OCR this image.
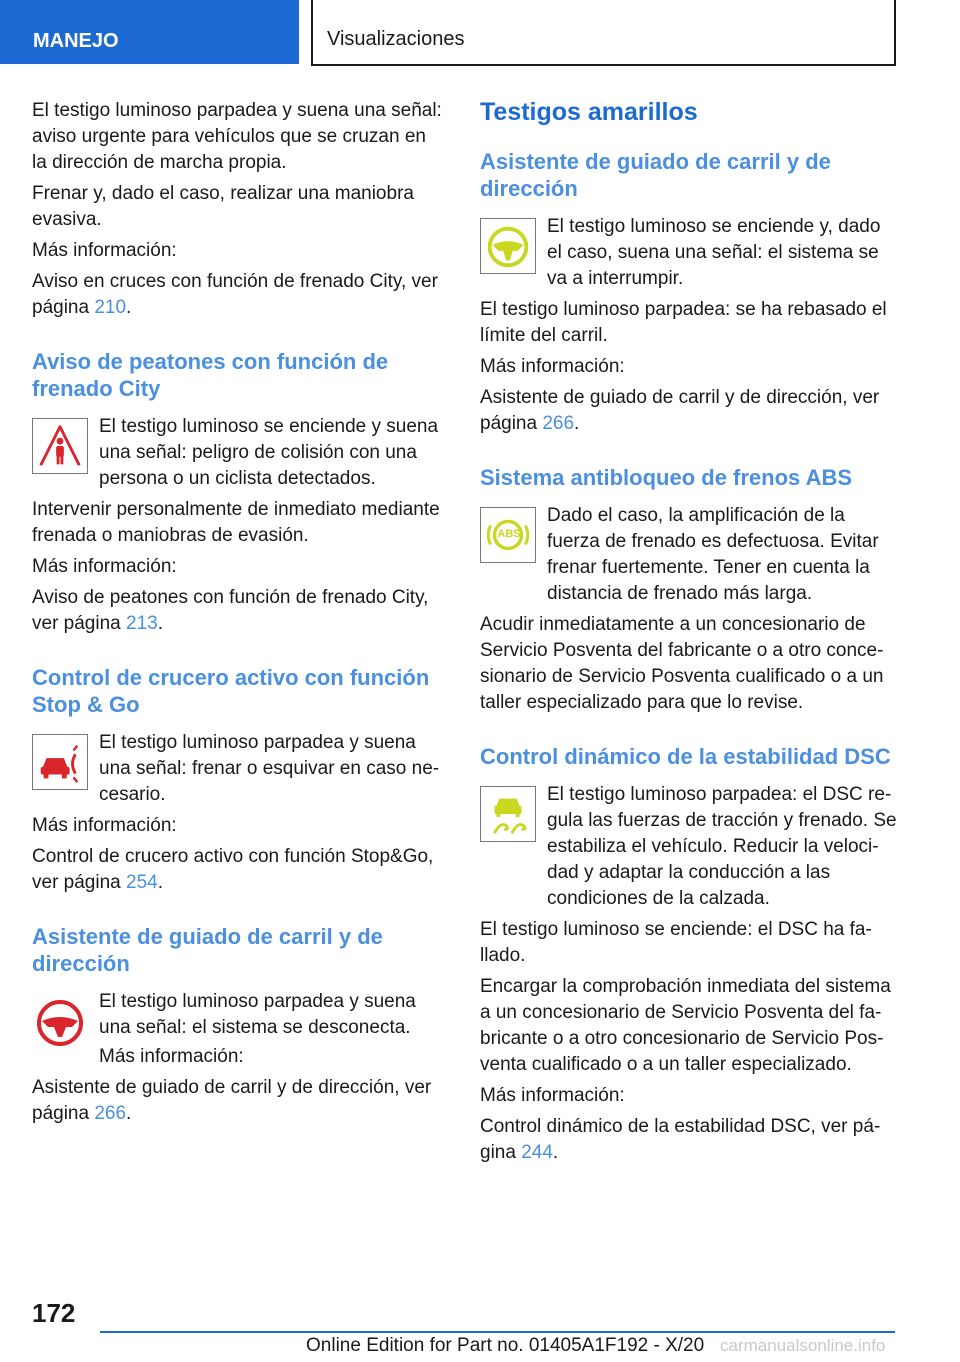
MANEJO	Visualizaciones

El testigo luminoso parpadea y suena una señal: aviso urgente para vehículos que se cruzan en la dirección de marcha propia.

Frenar y, dado el caso, realizar una maniobra evasiva.

Más información:

Aviso en cruces con función de frenado City, ver página 210.

Aviso de peatones con función de frenado City

El testigo luminoso se enciende y suena una señal: peligro de colisión con una persona o un ciclista detectados.

Intervenir personalmente de inmediato mediante frenada o maniobras de evasión.

Más información:

Aviso de peatones con función de frenado City, ver página 213.

Control de crucero activo con función Stop & Go

El testigo luminoso parpadea y suena una señal: frenar o esquivar en caso necesario.

Más información:

Control de crucero activo con función Stop&Go, ver página 254.

Asistente de guiado de carril y de dirección

El testigo luminoso parpadea y suena una señal: el sistema se desconecta.

Más información:

Asistente de guiado de carril y de dirección, ver página 266.

Testigos amarillos
Asistente de guiado de carril y de dirección

El testigo luminoso se enciende y, dado el caso, suena una señal: el sistema se va a interrumpir.

El testigo luminoso parpadea: se ha rebasado el límite del carril.

Más información:

Asistente de guiado de carril y de dirección, ver página 266.

Sistema antibloqueo de frenos ABS
ABS

Dado el caso, la amplificación de la fuerza de frenado es defectuosa. Evitar frenar fuertemente. Tener en cuenta la distancia de frenado más larga.

Acudir inmediatamente a un concesionario de Servicio Posventa del fabricante o a otro concesionario de Servicio Posventa cualificado o a un taller especializado para que lo revise.

Control dinámico de la estabilidad DSC

El testigo luminoso parpadea: el DSC regula las fuerzas de tracción y frenado. Se estabiliza el vehículo. Reducir la velocidad y adaptar la conducción a las condiciones de la calzada.

El testigo luminoso se enciende: el DSC ha fallado.

Encargar la comprobación inmediata del sistema a un concesionario de Servicio Posventa del fabricante o a otro concesionario de Servicio Posventa cualificado o a un taller especializado.

Más información:

Control dinámico de la estabilidad DSC, ver página 244.

172
Online Edition for Part no. 01405A1F192 - X/20 carmanualsonline.info
